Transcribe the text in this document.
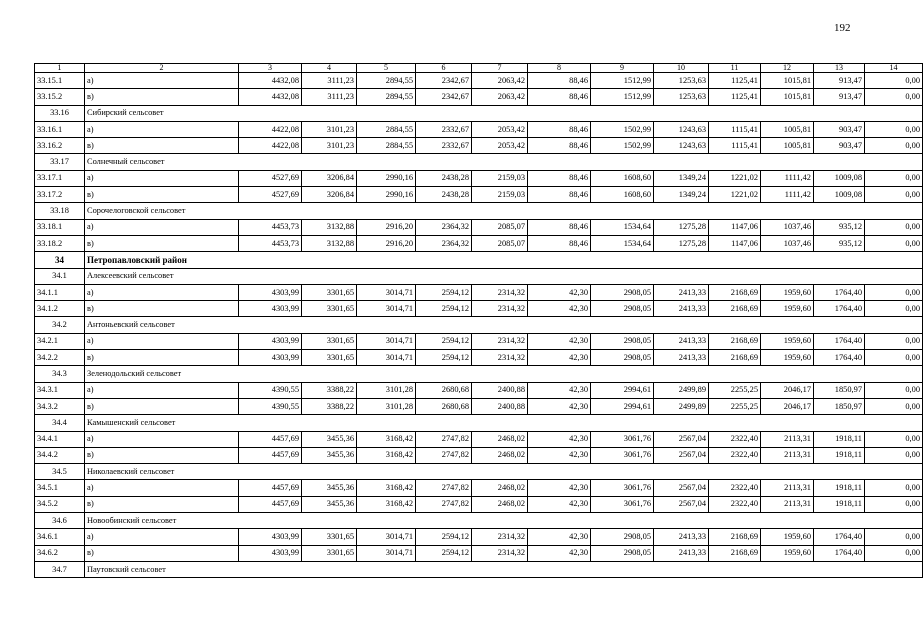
192
1	2	3	4	5	6	7	8	9	10	11	12	13	14
33.15.1	а)	4432,08	3111,23	2894,55	2342,67	2063,42	88,46	1512,99	1253,63	1125,41	1015,81	913,47	0,00
33.15.2	в)	4432,08	3111,23	2894,55	2342,67	2063,42	88,46	1512,99	1253,63	1125,41	1015,81	913,47	0,00
33.16	Сибирский сельсовет												
33.16.1	а)	4422,08	3101,23	2884,55	2332,67	2053,42	88,46	1502,99	1243,63	1115,41	1005,81	903,47	0,00
33.16.2	в)	4422,08	3101,23	2884,55	2332,67	2053,42	88,46	1502,99	1243,63	1115,41	1005,81	903,47	0,00
33.17	Солнечный сельсовет												
33.17.1	а)	4527,69	3206,84	2990,16	2438,28	2159,03	88,46	1608,60	1349,24	1221,02	1111,42	1009,08	0,00
33.17.2	в)	4527,69	3206,84	2990,16	2438,28	2159,03	88,46	1608,60	1349,24	1221,02	1111,42	1009,08	0,00
33.18	Сорочелоговской сельсовет												
33.18.1	а)	4453,73	3132,88	2916,20	2364,32	2085,07	88,46	1534,64	1275,28	1147,06	1037,46	935,12	0,00
33.18.2	в)	4453,73	3132,88	2916,20	2364,32	2085,07	88,46	1534,64	1275,28	1147,06	1037,46	935,12	0,00
34	Петропавловский район												
34.1	Алексеевский сельсовет												
34.1.1	а)	4303,99	3301,65	3014,71	2594,12	2314,32	42,30	2908,05	2413,33	2168,69	1959,60	1764,40	0,00
34.1.2	в)	4303,99	3301,65	3014,71	2594,12	2314,32	42,30	2908,05	2413,33	2168,69	1959,60	1764,40	0,00
34.2	Антоньевский сельсовет												
34.2.1	а)	4303,99	3301,65	3014,71	2594,12	2314,32	42,30	2908,05	2413,33	2168,69	1959,60	1764,40	0,00
34.2.2	в)	4303,99	3301,65	3014,71	2594,12	2314,32	42,30	2908,05	2413,33	2168,69	1959,60	1764,40	0,00
34.3	Зеленодольский сельсовет												
34.3.1	а)	4390,55	3388,22	3101,28	2680,68	2400,88	42,30	2994,61	2499,89	2255,25	2046,17	1850,97	0,00
34.3.2	в)	4390,55	3388,22	3101,28	2680,68	2400,88	42,30	2994,61	2499,89	2255,25	2046,17	1850,97	0,00
34.4	Камышенский сельсовет												
34.4.1	а)	4457,69	3455,36	3168,42	2747,82	2468,02	42,30	3061,76	2567,04	2322,40	2113,31	1918,11	0,00
34.4.2	в)	4457,69	3455,36	3168,42	2747,82	2468,02	42,30	3061,76	2567,04	2322,40	2113,31	1918,11	0,00
34.5	Николаевский сельсовет												
34.5.1	а)	4457,69	3455,36	3168,42	2747,82	2468,02	42,30	3061,76	2567,04	2322,40	2113,31	1918,11	0,00
34.5.2	в)	4457,69	3455,36	3168,42	2747,82	2468,02	42,30	3061,76	2567,04	2322,40	2113,31	1918,11	0,00
34.6	Новообинский сельсовет												
34.6.1	а)	4303,99	3301,65	3014,71	2594,12	2314,32	42,30	2908,05	2413,33	2168,69	1959,60	1764,40	0,00
34.6.2	в)	4303,99	3301,65	3014,71	2594,12	2314,32	42,30	2908,05	2413,33	2168,69	1959,60	1764,40	0,00
34.7	Паутовский сельсовет												
